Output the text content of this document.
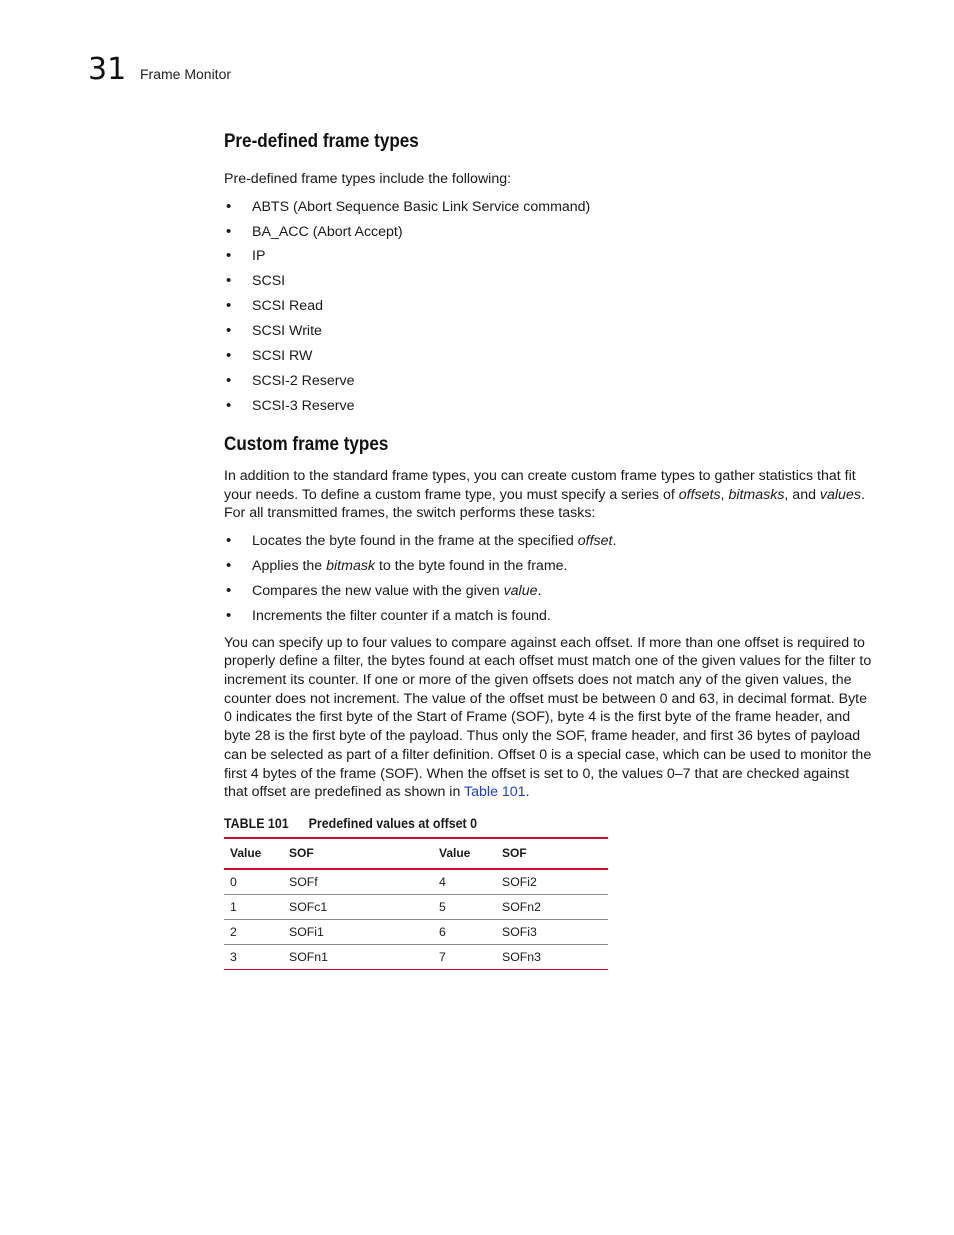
31 Frame Monitor
Pre-defined frame types

Pre-defined frame types include the following:

• ABTS (Abort Sequence Basic Link Service command)
• BA_ACC (Abort Accept)
• IP
• SCSI
• SCSI Read
• SCSI Write
• SCSI RW
• SCSI-2 Reserve
• SCSI-3 Reserve
Custom frame types

In addition to the standard frame types, you can create custom frame types to gather statistics that fit your needs. To define a custom frame type, you must specify a series of offsets, bitmasks, and values. For all transmitted frames, the switch performs these tasks:

• Locates the byte found in the frame at the specified offset.
• Applies the bitmask to the byte found in the frame.
• Compares the new value with the given value.
• Increments the filter counter if a match is found.

You can specify up to four values to compare against each offset. If more than one offset is required to properly define a filter, the bytes found at each offset must match one of the given values for the filter to increment its counter. If one or more of the given offsets does not match any of the given values, the counter does not increment. The value of the offset must be between 0 and 63, in decimal format. Byte 0 indicates the first byte of the Start of Frame (SOF), byte 4 is the first byte of the frame header, and byte 28 is the first byte of the payload. Thus only the SOF, frame header, and first 36 bytes of payload can be selected as part of a filter definition. Offset 0 is a special case, which can be used to monitor the first 4 bytes of the frame (SOF). When the offset is set to 0, the values 0–7 that are checked against that offset are predefined as shown in Table 101.

TABLE 101 Predefined values at offset 0
Value	SOF	Value	SOF
0	SOFf	4	SOFi2
1	SOFc1	5	SOFn2
2	SOFi1	6	SOFi3
3	SOFn1	7	SOFn3
